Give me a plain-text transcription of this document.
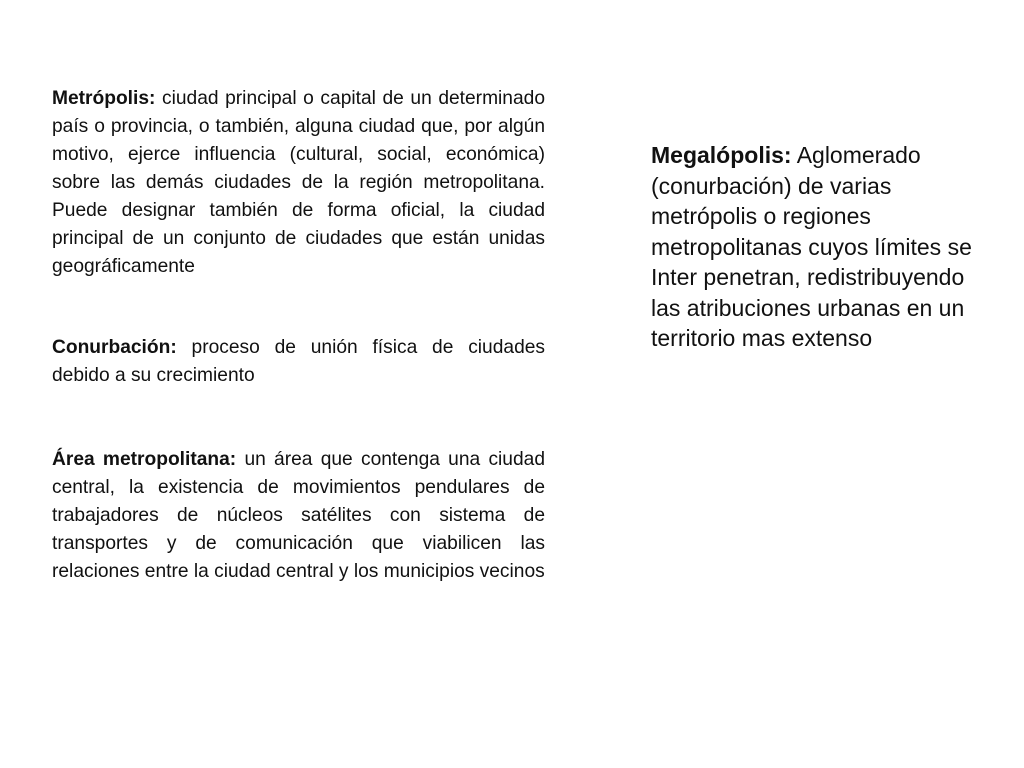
Metrópolis: ciudad principal o capital de un determinado país o provincia, o también, alguna ciudad que, por algún motivo, ejerce influencia (cultural, social, económica) sobre las demás ciudades de la región metropolitana. Puede designar también de forma oficial, la ciudad principal de un conjunto de ciudades que están unidas geográficamente

Conurbación: proceso de unión física de ciudades debido a su crecimiento

Área metropolitana: un área que contenga una ciudad central, la existencia de movimientos pendulares de trabajadores de núcleos satélites con sistema de transportes y de comunicación que viabilicen las relaciones entre la ciudad central y los municipios vecinos

Megalópolis: Aglomerado (conurbación) de varias metrópolis o regiones metropolitanas cuyos límites se Inter penetran, redistribuyendo las atribuciones urbanas en un territorio mas extenso
